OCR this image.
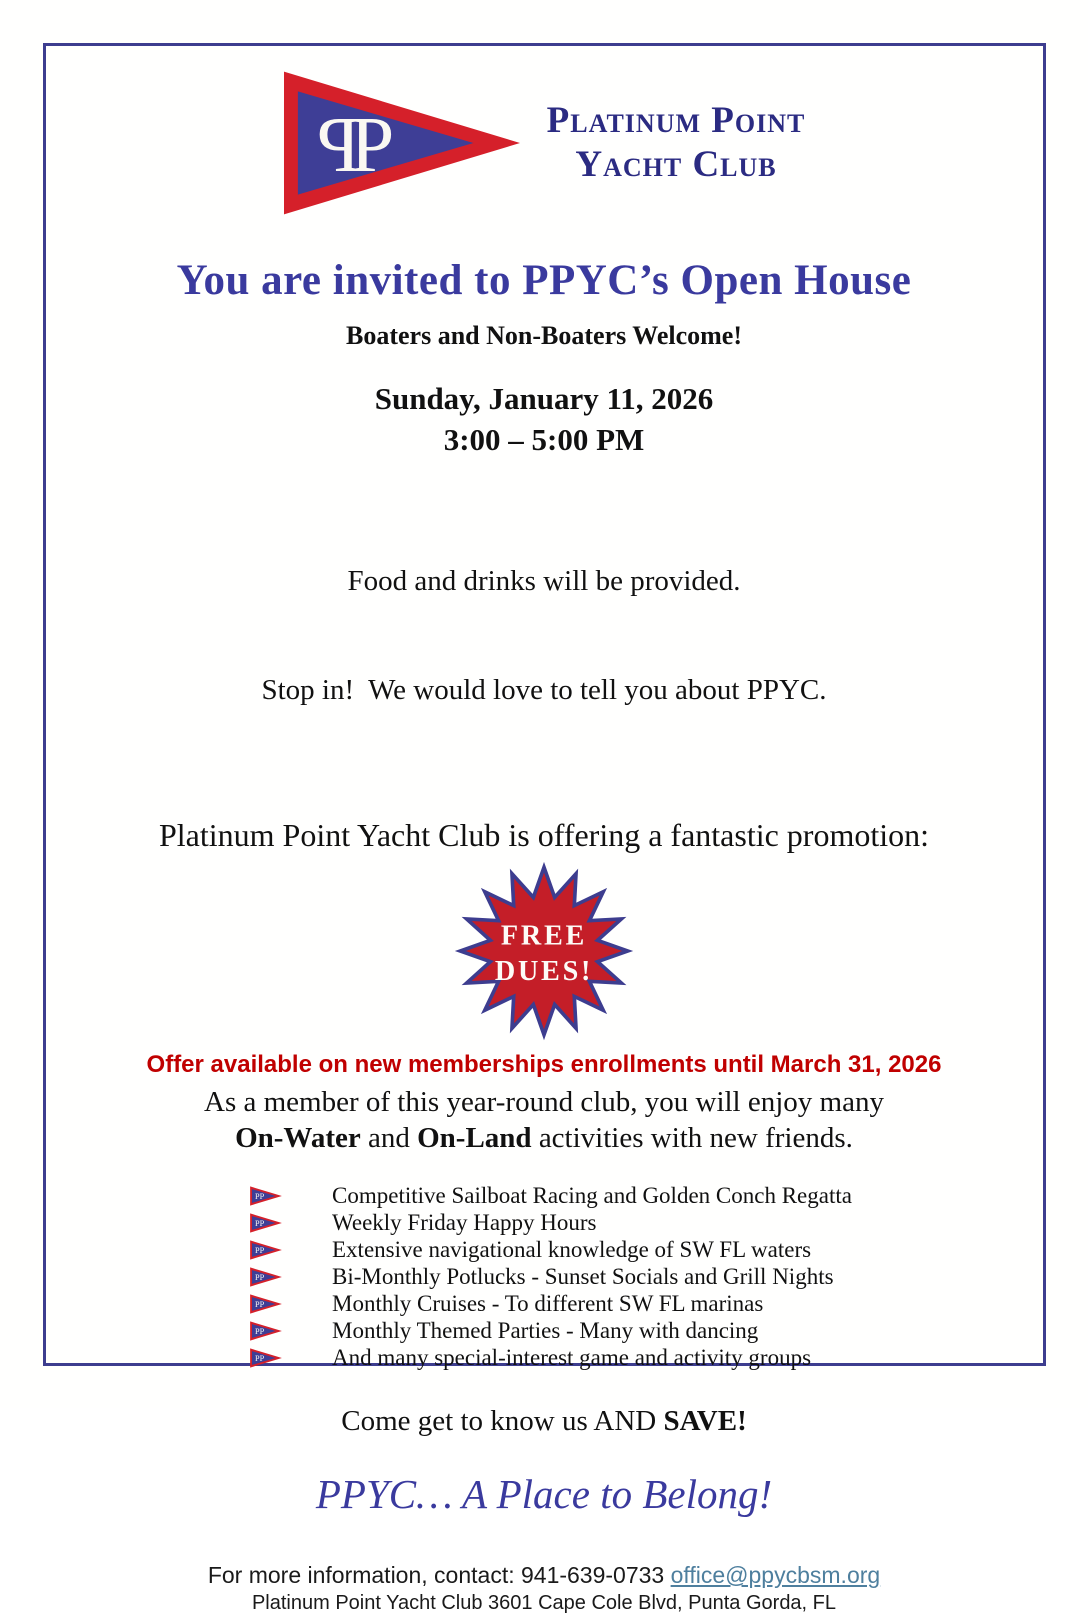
P
P	Platinum Point
Yacht Club
You are invited to PPYC’s Open House
Boaters and Non-Boaters Welcome!
Sunday, January 11, 2026
3:00 – 5:00 PM

Food and drinks will be provided.

Stop in!  We would love to tell you about PPYC.

Platinum Point Yacht Club is offering a fantastic promotion:
FREE
DUES!
Offer available on new memberships enrollments until March 31, 2026
As a member of this year-round club, you will enjoy many
On-Water and On-Land activities with new friends.
PP	Competitive Sailboat Racing and Golden Conch Regatta
PP	Weekly Friday Happy Hours
PP	Extensive navigational knowledge of SW FL waters
PP	Bi-Monthly Potlucks - Sunset Socials and Grill Nights
PP	Monthly Cruises - To different SW FL marinas
PP	Monthly Themed Parties - Many with dancing
PP	And many special-interest game and activity groups
Come get to know us AND SAVE!
PPYC… A Place to Belong!
For more information, contact: 941-639-0733 office@ppycbsm.org
Platinum Point Yacht Club 3601 Cape Cole Blvd, Punta Gorda, FL
